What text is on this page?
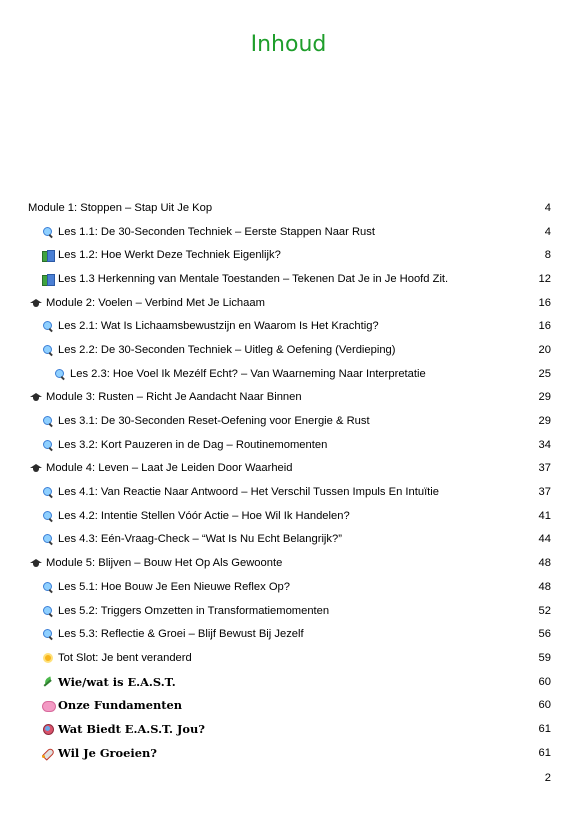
Inhoud
Module 1: Stoppen – Stap Uit Je Kop	4
Les 1.1: De 30-Seconden Techniek – Eerste Stappen Naar Rust	4
Les 1.2: Hoe Werkt Deze Techniek Eigenlijk?	8
Les 1.3 Herkenning van Mentale Toestanden – Tekenen Dat Je in Je Hoofd Zit.	12
Module 2: Voelen – Verbind Met Je Lichaam	16
Les 2.1: Wat Is Lichaamsbewustzijn en Waarom Is Het Krachtig?	16
Les 2.2: De 30-Seconden Techniek – Uitleg & Oefening (Verdieping)	20
Les 2.3: Hoe Voel Ik Mezélf Echt? – Van Waarneming Naar Interpretatie	25
Module 3: Rusten – Richt Je Aandacht Naar Binnen	29
Les 3.1: De 30-Seconden Reset-Oefening voor Energie & Rust	29
Les 3.2: Kort Pauzeren in de Dag – Routinemomenten	34
Module 4: Leven – Laat Je Leiden Door Waarheid	37
Les 4.1: Van Reactie Naar Antwoord – Het Verschil Tussen Impuls En Intuïtie	37
Les 4.2: Intentie Stellen Vóór Actie – Hoe Wil Ik Handelen?	41
Les 4.3: Eén-Vraag-Check – “Wat Is Nu Echt Belangrijk?”	44
Module 5: Blijven – Bouw Het Op Als Gewoonte	48
Les 5.1: Hoe Bouw Je Een Nieuwe Reflex Op?	48
Les 5.2: Triggers Omzetten in Transformatiemomenten	52
Les 5.3: Reflectie & Groei – Blijf Bewust Bij Jezelf	56
Tot Slot: Je bent veranderd	59
Wie/wat is E.A.S.T.	60
Onze Fundamenten	60
Wat Biedt E.A.S.T. Jou?	61
Wil Je Groeien?	61
2
